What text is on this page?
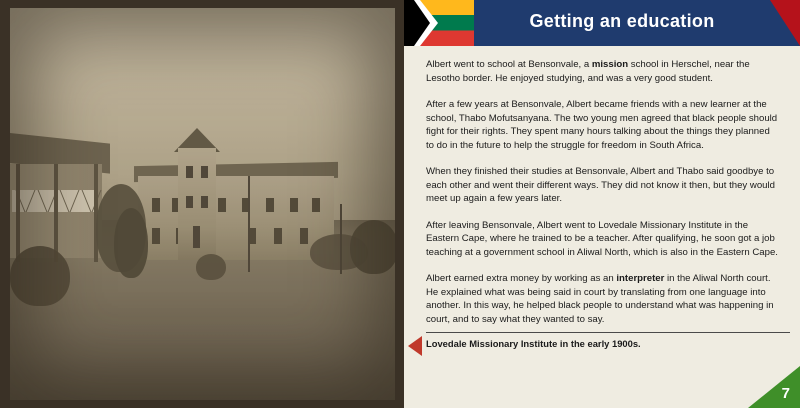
Getting an education

Albert went to school at Bensonvale, a mission school in Herschel, near the Lesotho border. He enjoyed studying, and was a very good student.

After a few years at Bensonvale, Albert became friends with a new learner at the school, Thabo Mofutsanyana. The two young men agreed that black people should fight for their rights. They spent many hours talking about the things they planned to do in the future to help the struggle for freedom in South Africa.

When they finished their studies at Bensonvale, Albert and Thabo said goodbye to each other and went their different ways. They did not know it then, but they would meet up again a few years later.

After leaving Bensonvale, Albert went to Lovedale Missionary Institute in the Eastern Cape, where he trained to be a teacher. After qualifying, he soon got a job teaching at a government school in Aliwal North, which is also in the Eastern Cape.

Albert earned extra money by working as an interpreter in the Aliwal North court. He explained what was being said in court by translating from one language into another. In this way, he helped black people to understand what was happening in court, and to say what they wanted to say.

Lovedale Missionary Institute in the early 1900s.
7
